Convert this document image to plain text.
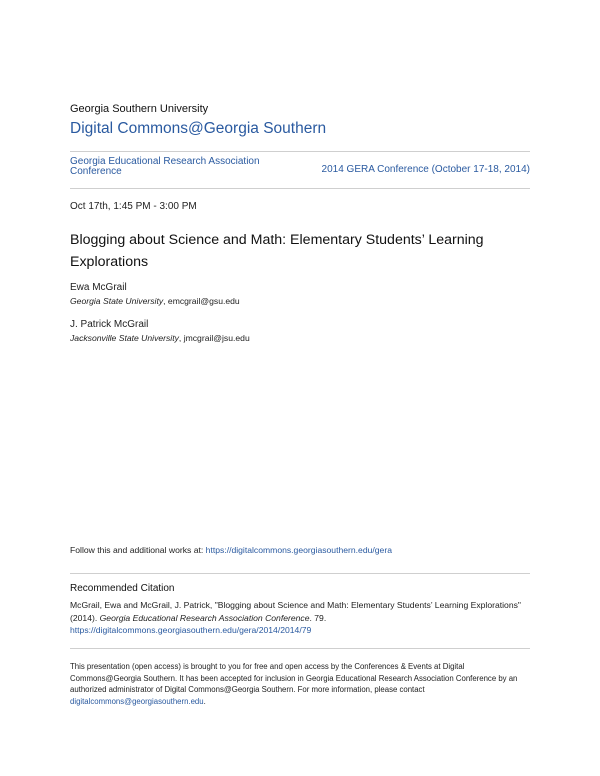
Georgia Southern University
Digital Commons@Georgia Southern
Georgia Educational Research Association Conference	2014 GERA Conference (October 17-18, 2014)
Oct 17th, 1:45 PM - 3:00 PM
Blogging about Science and Math: Elementary Students’ Learning Explorations
Ewa McGrail
Georgia State University, emcgrail@gsu.edu
J. Patrick McGrail
Jacksonville State University, jmcgrail@jsu.edu
Follow this and additional works at: https://digitalcommons.georgiasouthern.edu/gera
Recommended Citation
McGrail, Ewa and McGrail, J. Patrick, "Blogging about Science and Math: Elementary Students’ Learning Explorations" (2014). Georgia Educational Research Association Conference. 79.
https://digitalcommons.georgiasouthern.edu/gera/2014/2014/79
This presentation (open access) is brought to you for free and open access by the Conferences & Events at Digital Commons@Georgia Southern. It has been accepted for inclusion in Georgia Educational Research Association Conference by an authorized administrator of Digital Commons@Georgia Southern. For more information, please contact digitalcommons@georgiasouthern.edu.
